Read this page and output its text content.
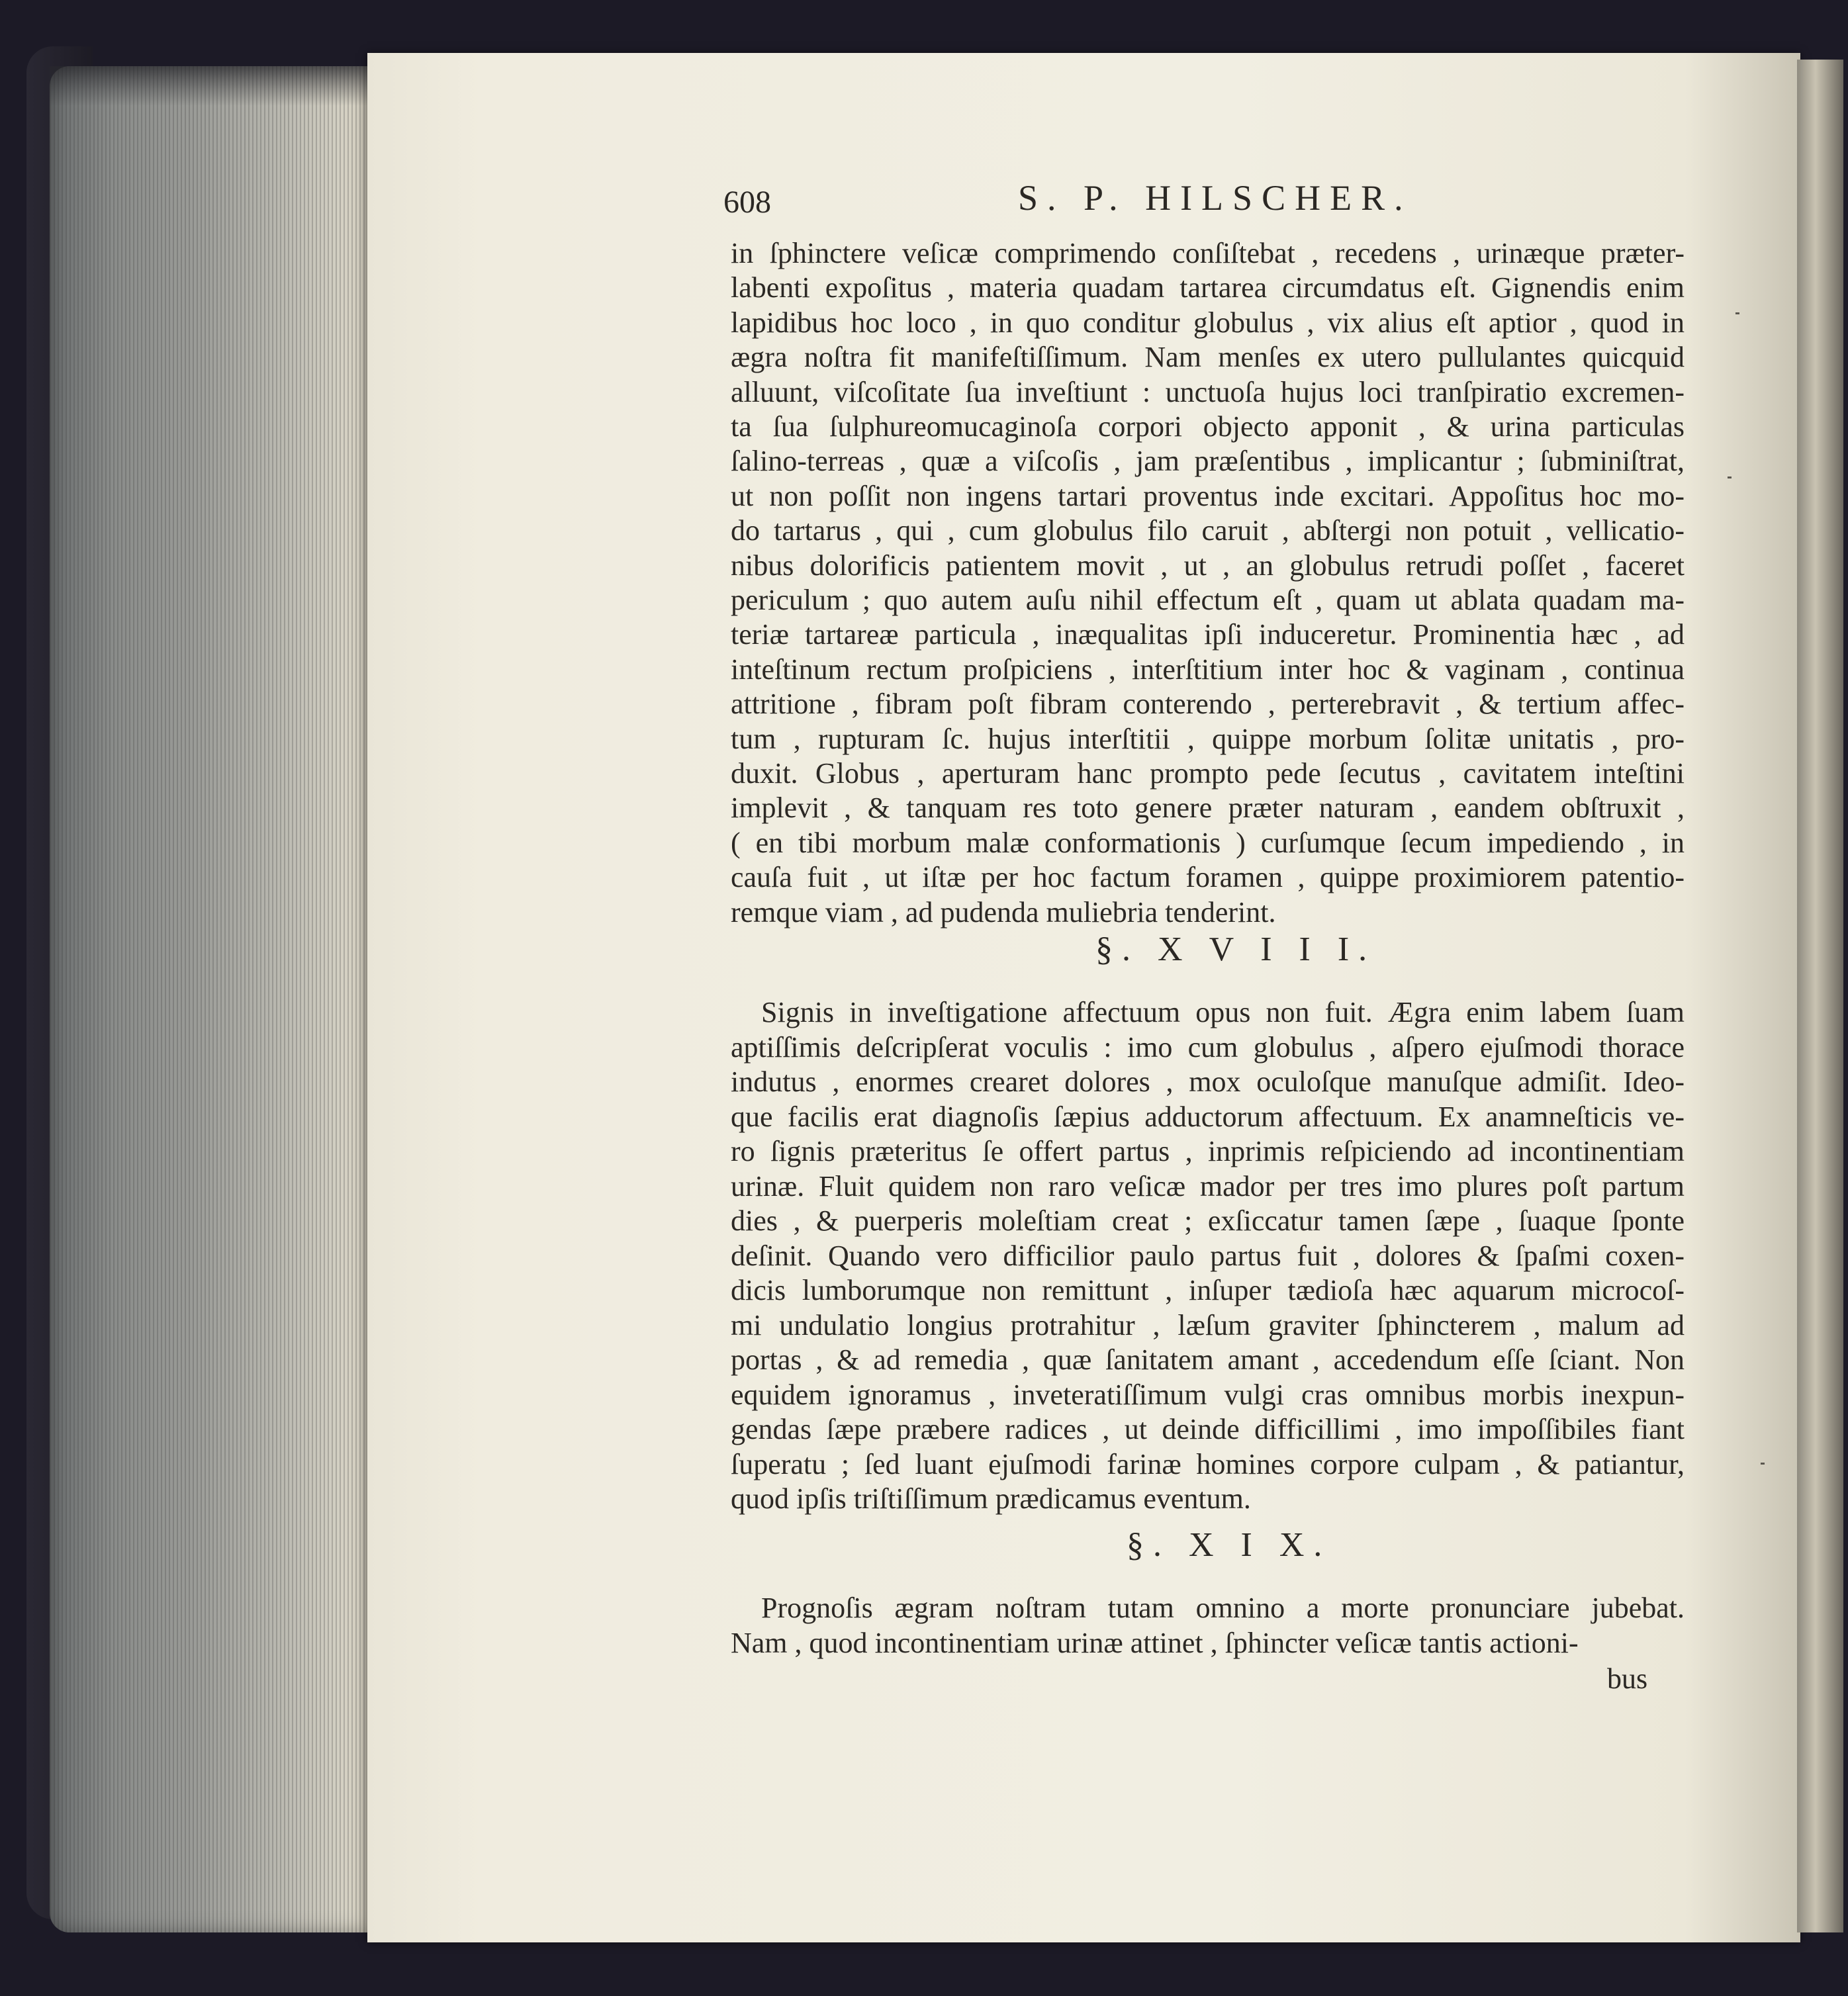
608	S. P. HILSCHER.
in ſphinctere veſicæ comprimendo conſiſtebat , recedens , urinæque præter-
labenti expoſitus , materia quadam tartarea circumdatus eſt. Gignendis enim
lapidibus hoc loco , in quo conditur globulus , vix alius eſt aptior , quod in
ægra noſtra fit manifeſtiſſimum. Nam menſes ex utero pullulantes quicquid
alluunt, viſcoſitate ſua inveſtiunt : unctuoſa hujus loci tranſpiratio excremen-
ta ſua ſulphureomucaginoſa corpori objecto apponit , & urina particulas
ſalino-terreas , quæ a viſcoſis , jam præſentibus , implicantur ; ſubminiſtrat,
ut non poſſit non ingens tartari proventus inde excitari. Appoſitus hoc mo-
do tartarus , qui , cum globulus filo caruit , abſtergi non potuit , vellicatio-
nibus dolorificis patientem movit , ut , an globulus retrudi poſſet , faceret
periculum ; quo autem auſu nihil effectum eſt , quam ut ablata quadam ma-
teriæ tartareæ particula , inæqualitas ipſi induceretur. Prominentia hæc , ad
inteſtinum rectum proſpiciens , interſtitium inter hoc & vaginam , continua
attritione , fibram poſt fibram conterendo , perterebravit , & tertium affec-
tum , rupturam ſc. hujus interſtitii , quippe morbum ſolitæ unitatis , pro-
duxit. Globus , aperturam hanc prompto pede ſecutus , cavitatem inteſtini
implevit , & tanquam res toto genere præter naturam , eandem obſtruxit ,
( en tibi morbum malæ conformationis ) curſumque ſecum impediendo , in
cauſa fuit , ut iſtæ per hoc factum foramen , quippe proximiorem patentio-
remque viam , ad pudenda muliebria tenderint.
§. X V I I I.
Signis in inveſtigatione affectuum opus non fuit. Ægra enim labem ſuam
aptiſſimis deſcripſerat voculis : imo cum globulus , aſpero ejuſmodi thorace
indutus , enormes crearet dolores , mox oculoſque manuſque admiſit. Ideo-
que facilis erat diagnoſis ſæpius adductorum affectuum. Ex anamneſticis ve-
ro ſignis præteritus ſe offert partus , inprimis reſpiciendo ad incontinentiam
urinæ. Fluit quidem non raro veſicæ mador per tres imo plures poſt partum
dies , & puerperis moleſtiam creat ; exſiccatur tamen ſæpe , ſuaque ſponte
deſinit. Quando vero difficilior paulo partus fuit , dolores & ſpaſmi coxen-
dicis lumborumque non remittunt , inſuper tædioſa hæc aquarum microcoſ-
mi undulatio longius protrahitur , læſum graviter ſphincterem , malum ad
portas , & ad remedia , quæ ſanitatem amant , accedendum eſſe ſciant. Non
equidem ignoramus , inveteratiſſimum vulgi cras omnibus morbis inexpun-
gendas ſæpe præbere radices , ut deinde difficillimi , imo impoſſibiles fiant
ſuperatu ; ſed luant ejuſmodi farinæ homines corpore culpam , & patiantur,
quod ipſis triſtiſſimum prædicamus eventum.
§. X I X.
Prognoſis ægram noſtram tutam omnino a morte pronunciare jubebat.
Nam , quod incontinentiam urinæ attinet , ſphincter veſicæ tantis actioni-
bus
